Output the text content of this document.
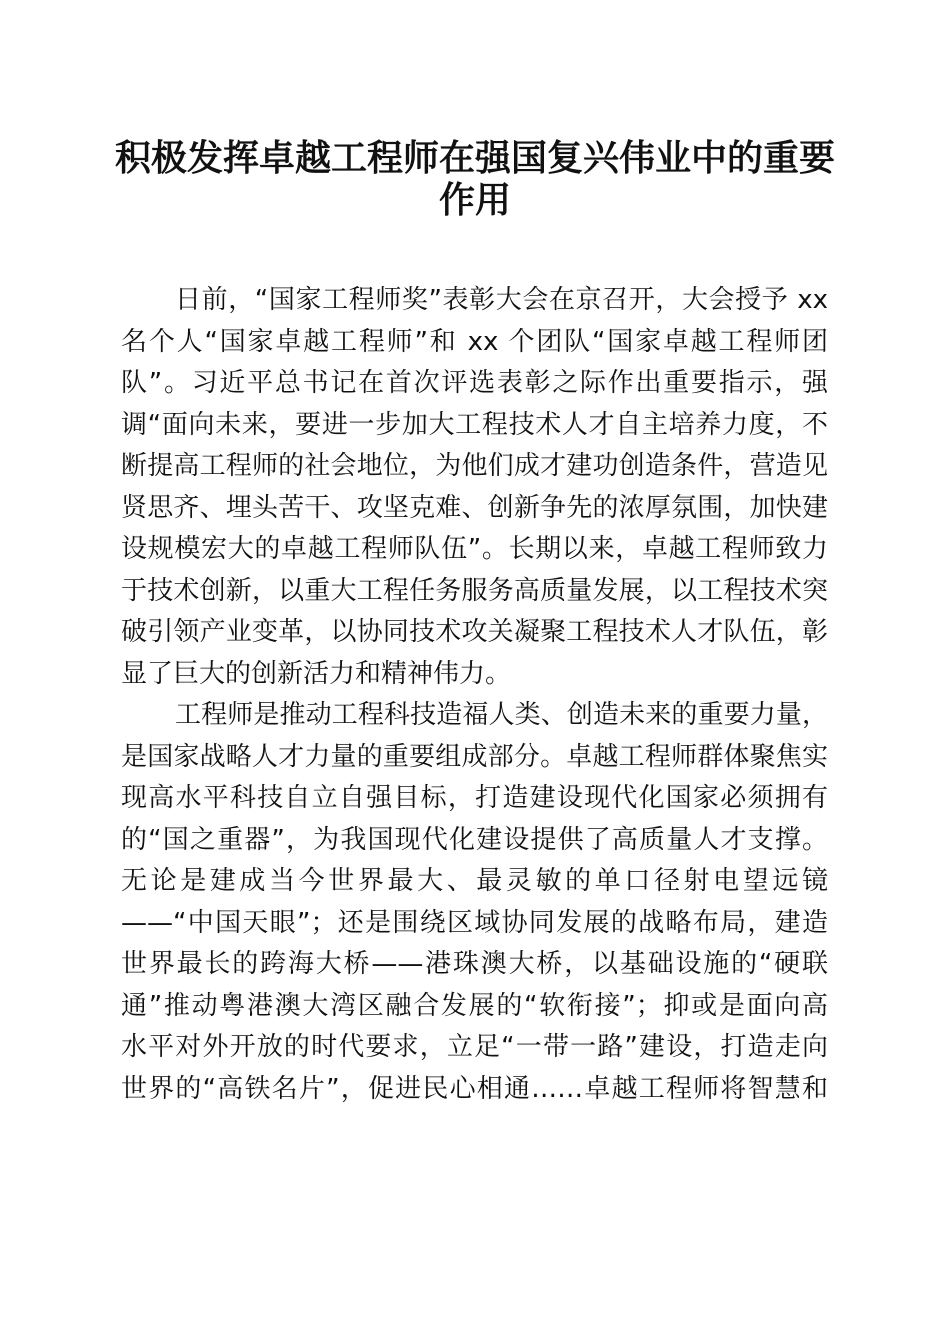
积极发挥卓越工程师在强国复兴伟业中的重要
作用
日前，“国家工程师奖”表彰大会在京召开，大会授予 xx
名个人“国家卓越工程师”和 xx 个团队“国家卓越工程师团
队”。习近平总书记在首次评选表彰之际作出重要指示，强
调“面向未来，要进一步加大工程技术人才自主培养力度，不
断提高工程师的社会地位，为他们成才建功创造条件，营造见
贤思齐、埋头苦干、攻坚克难、创新争先的浓厚氛围，加快建
设规模宏大的卓越工程师队伍”。长期以来，卓越工程师致力
于技术创新，以重大工程任务服务高质量发展，以工程技术突
破引领产业变革，以协同技术攻关凝聚工程技术人才队伍，彰
显了巨大的创新活力和精神伟力。
工程师是推动工程科技造福人类、创造未来的重要力量，
是国家战略人才力量的重要组成部分。卓越工程师群体聚焦实
现高水平科技自立自强目标，打造建设现代化国家必须拥有
的“国之重器”，为我国现代化建设提供了高质量人才支撑。
无论是建成当今世界最大、最灵敏的单口径射电望远镜
——“中国天眼”；还是围绕区域协同发展的战略布局，建造
世界最长的跨海大桥——港珠澳大桥，以基础设施的“硬联
通”推动粤港澳大湾区融合发展的“软衔接”；抑或是面向高
水平对外开放的时代要求，立足“一带一路”建设，打造走向
世界的“高铁名片”，促进民心相通……卓越工程师将智慧和
